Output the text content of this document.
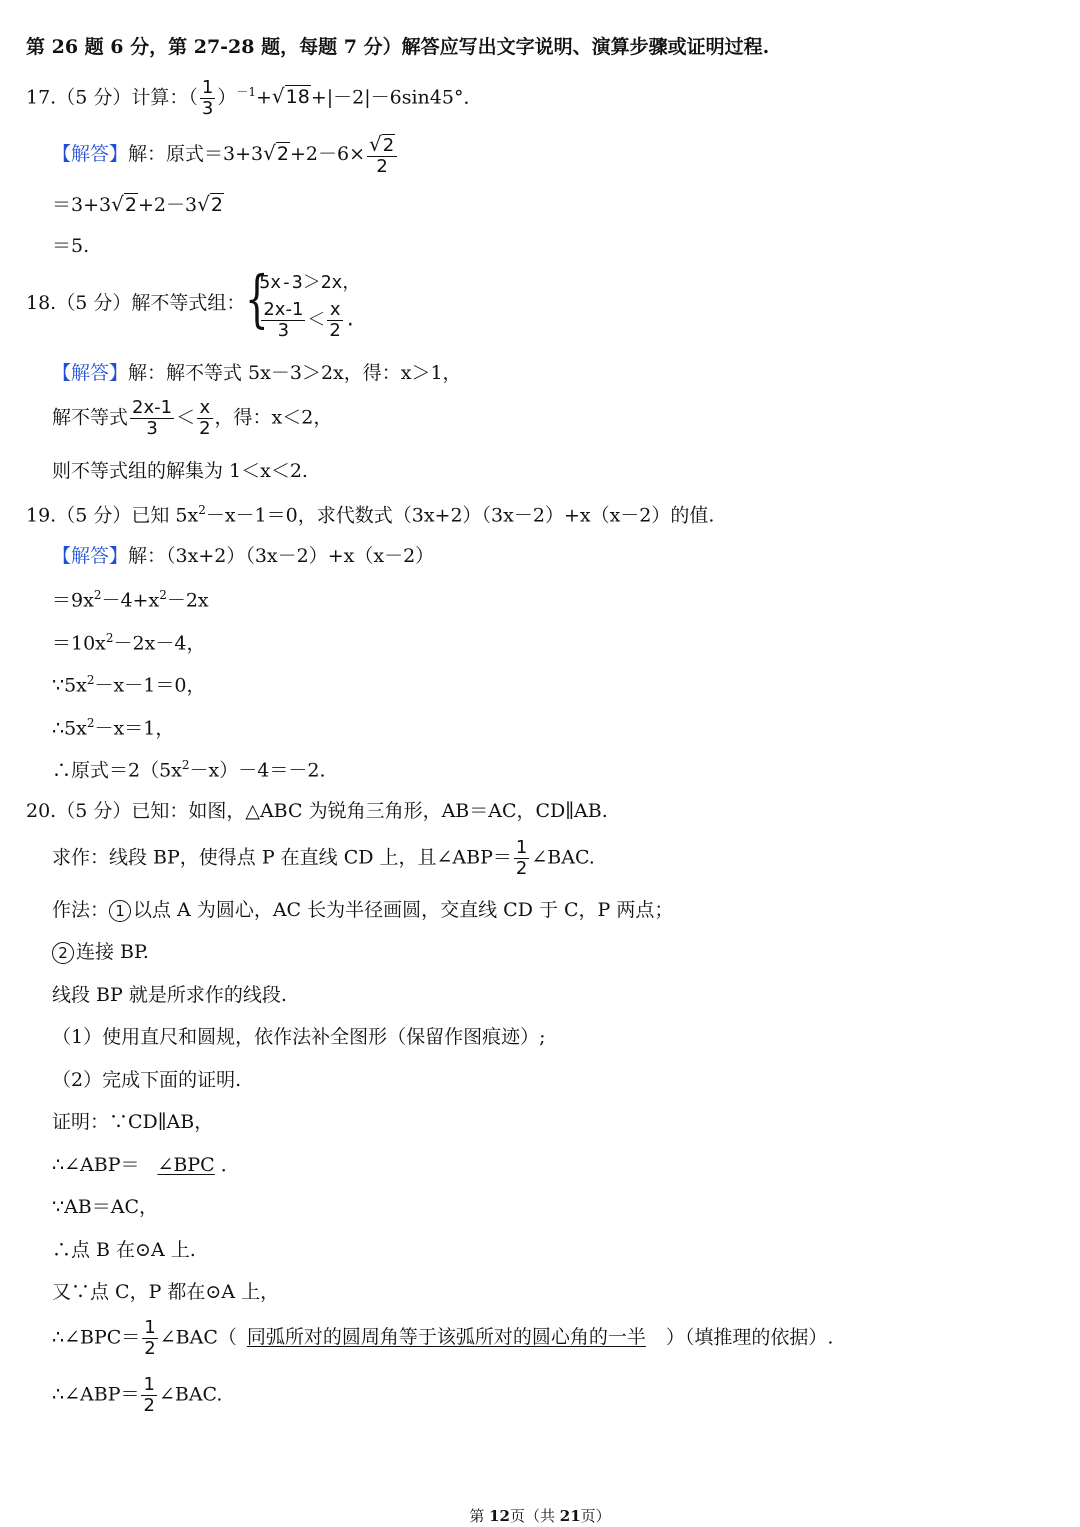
第 26 题 6 分，第 27-28 题，每题 7 分）解答应写出文字说明、演算步骤或证明过程.
17.（5 分）计算：（ $\frac{1}{3} )^{-1}+√18+|-2|-6\sin 45^\circ$．
【解答】解：原式$=3+3√2+2-6\times \frac{√2}{2}$
＝3+3√2+2－3√2
＝5.
18.（5 分）解不等式组： {
5x-3＞2x，
$\frac{2x-1}{3} < \frac{x}{2}$ .
【解答】解：解不等式 5x－3＞2x，得：x＞1，
解不等式 $\frac{2x-1}{3} < \frac{x}{2}$ ，得：x＜2，
则不等式组的解集为 1＜x＜2.
19.（5 分）已知 $5x^2-x-1=0$，求代数式（3x+2）（3x－2）+x（x－2）的值.
【解答】解：（3x+2）（3x－2）+x（x－2）
$=9x^2-4+x^2-2x$
$=10x^2-2x-4$，
$\because 5x^2-x-1=0$，
$\therefore 5x^2-x=1$，
∴原式$=2(5x^2-x)-4=-2$.
20.（5 分）已知：如图，△ABC 为锐角三角形，AB＝AC，CD∥AB.
求作：线段 BP，使得点 P 在直线 CD 上，且∠ABP＝ $\frac{1}{2}$ ∠BAC.
作法： 1 以点 A 为圆心，AC 长为半径画圆，交直线 CD 于 C，P 两点；
2 连接 BP.
线段 BP 就是所求作的线段.
（1）使用直尺和圆规，依作法补全图形（保留作图痕迹）;
（2）完成下面的证明.
证明：∵CD∥AB，
∴∠ABP＝ ∠BPC ．
∵AB＝AC，
∴点 B 在⊙A 上.
又∵点 C，P 都在⊙A 上，
∴∠BPC＝ $\frac{1}{2}$ ∠BAC（ 同弧所对的圆周角等于该弧所对的圆心角的一半 ）（填推理的依据）.
∴∠ABP＝ $\frac{1}{2}$ ∠BAC.
第 12页（共 21页）
